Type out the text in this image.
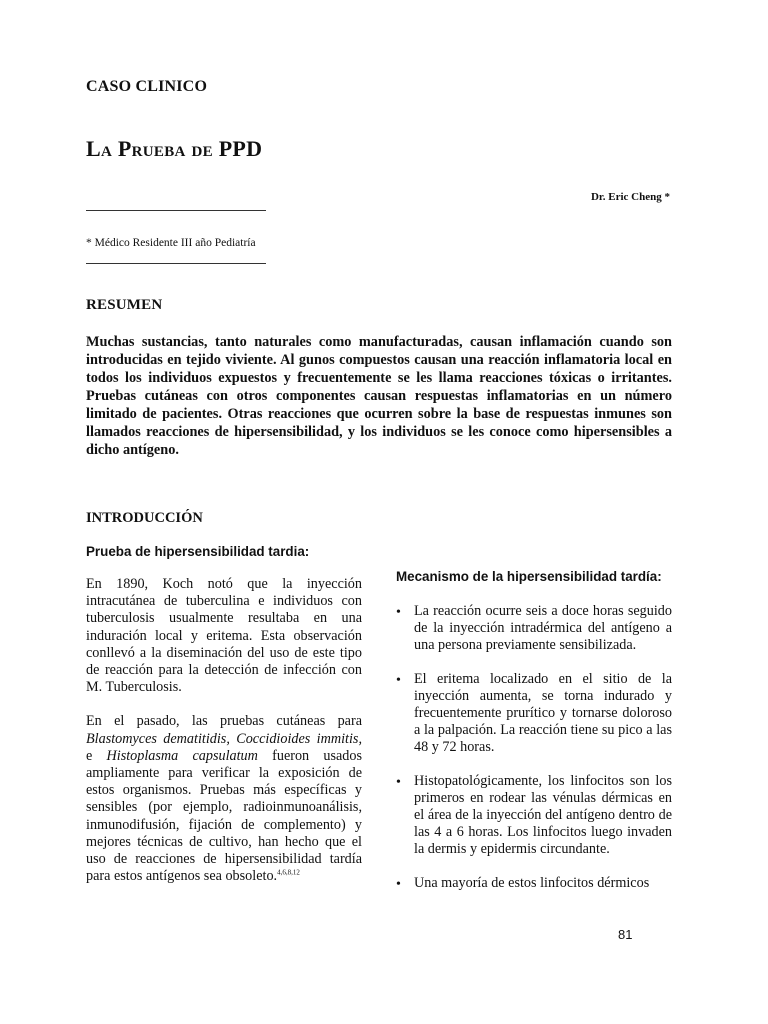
CASO CLINICO
La Prueba de PPD
Dr. Eric Cheng *
* Médico Residente III año Pediatría
RESUMEN
Muchas sustancias, tanto naturales como manufacturadas, causan inflamación cuando son introducidas en tejido viviente. Al gunos compuestos causan una reacción inflamatoria local en todos los individuos expuestos y frecuentemente se les llama reacciones tóxicas o irritantes. Pruebas cutáneas con otros componentes causan respuestas inflamatorias en un número limitado de pacientes. Otras reacciones que ocurren sobre la base de respuestas inmunes son llamados reacciones de hipersensibilidad, y los individuos se les conoce como hipersensibles a dicho antígeno.
INTRODUCCIÓN
Prueba de hipersensibilidad tardia:

En 1890, Koch notó que la inyección intracutánea de tuberculina e individuos con tuberculosis usualmente resultaba en una induración local y eritema. Esta observación conllevó a la diseminación del uso de este tipo de reacción para la detección de infección con M. Tuberculosis.

En el pasado, las pruebas cutáneas para Blastomyces dematitidis, Coccidioides immitis, e Histoplasma capsulatum fueron usados ampliamente para verificar la exposición de estos organismos. Pruebas más específicas y sensibles (por ejemplo, radioinmunoanálisis, inmunodifusión, fijación de complemento) y mejores técnicas de cultivo, han hecho que el uso de reacciones de hipersensibilidad tardía para estos antígenos sea obsoleto.$^{4,6,8,12}$

Mecanismo de la hipersensibilidad tardía:
• La reacción ocurre seis a doce horas seguido de la inyección intradérmica del antígeno a una persona previamente sensibilizada.
• El eritema localizado en el sitio de la inyección aumenta, se torna indurado y frecuentemente prurítico y tornarse doloroso a la palpación. La reacción tiene su pico a las 48 y 72 horas.
• Histopatológicamente, los linfocitos son los primeros en rodear las vénulas dérmicas en el área de la inyección del antígeno dentro de las 4 a 6 horas. Los linfocitos luego invaden la dermis y epidermis circundante.
• Una mayoría de estos linfocitos dérmicos
81
